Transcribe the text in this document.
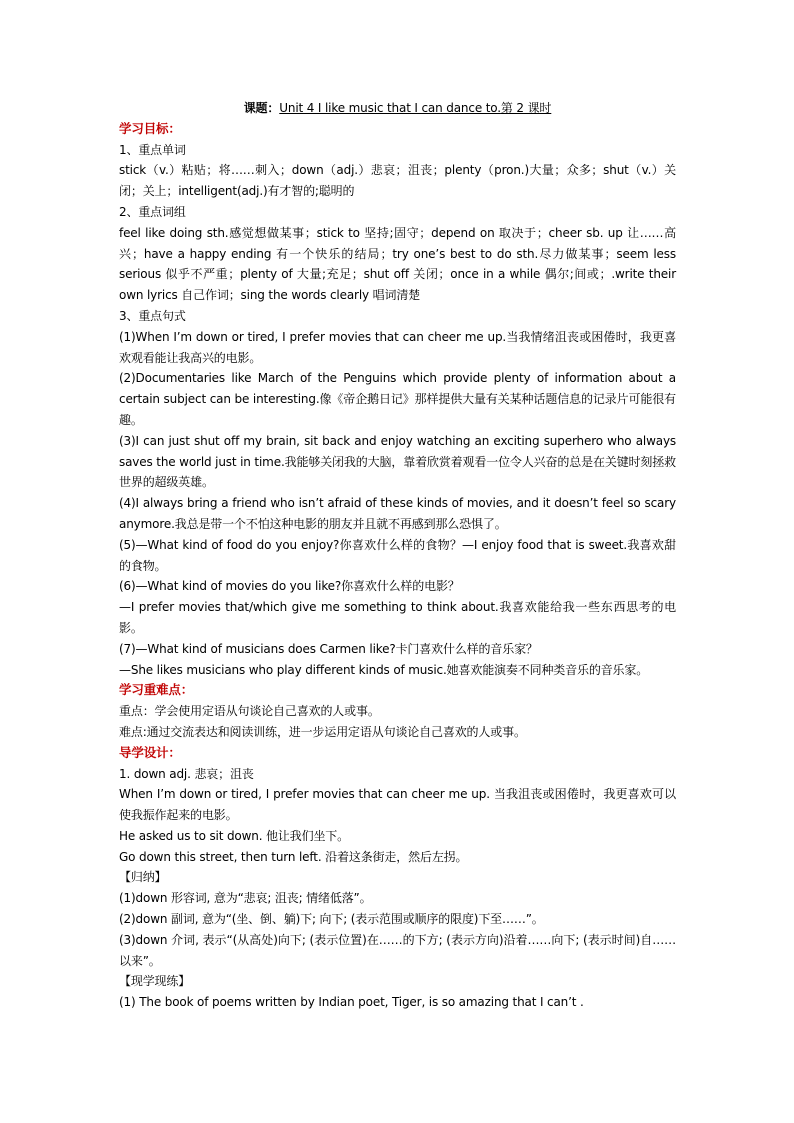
课题：Unit 4 I like music that I can dance to.第 2 课时
学习目标：

1、重点单词

stick（v.）粘贴；将……刺入；down（adj.）悲哀；沮丧；plenty（pron.)大量；众多；shut（v.）关闭；关上；intelligent(adj.)有才智的;聪明的

2、重点词组

feel like doing sth.感觉想做某事；stick to 坚持;固守；depend on 取决于；cheer sb. up 让……高兴；have a happy ending 有一个快乐的结局；try one’s best to do sth.尽力做某事；seem less serious 似乎不严重；plenty of 大量;充足；shut off 关闭；once in a while 偶尔;间或；.write their own lyrics 自己作词；sing the words clearly 唱词清楚

3、重点句式

(1)When I’m down or tired, I prefer movies that can cheer me up.当我情绪沮丧或困倦时，我更喜欢观看能让我高兴的电影。

(2)Documentaries like March of the Penguins which provide plenty of information about a certain subject can be interesting.像《帝企鹅日记》那样提供大量有关某种话题信息的记录片可能很有趣。

(3)I can just shut off my brain, sit back and enjoy watching an exciting superhero who always saves the world just in time.我能够关闭我的大脑，靠着欣赏着观看一位令人兴奋的总是在关键时刻拯救世界的超级英雄。

(4)I always bring a friend who isn’t afraid of these kinds of movies, and it doesn’t feel so scary anymore.我总是带一个不怕这种电影的朋友并且就不再感到那么恐惧了。

(5)—What kind of food do you enjoy?你喜欢什么样的食物？—I enjoy food that is sweet.我喜欢甜的食物。

(6)—What kind of movies do you like?你喜欢什么样的电影？

—I prefer movies that/which give me something to think about.我喜欢能给我一些东西思考的电影。

(7)—What kind of musicians does Carmen like?卡门喜欢什么样的音乐家？

—She likes musicians who play different kinds of music.她喜欢能演奏不同种类音乐的音乐家。

学习重难点：

重点：学会使用定语从句谈论自己喜欢的人或事。

难点:通过交流表达和阅读训练，进一步运用定语从句谈论自己喜欢的人或事。

导学设计：

1. down adj. 悲哀；沮丧

When I’m down or tired, I prefer movies that can cheer me up. 当我沮丧或困倦时，我更喜欢可以使我振作起来的电影。

He asked us to sit down. 他让我们坐下。

Go down this street, then turn left. 沿着这条街走，然后左拐。

【归纳】

(1)down 形容词, 意为“悲哀; 沮丧; 情绪低落”。

(2)down 副词, 意为“(坐、倒、躺)下; 向下; (表示范围或顺序的限度)下至……”。

(3)down 介词, 表示“(从高处)向下; (表示位置)在……的下方; (表示方向)沿着……向下; (表示时间)自……以来”。

【现学现练】

(1) The book of poems written by Indian poet, Tiger, is so amazing that I can’t .
